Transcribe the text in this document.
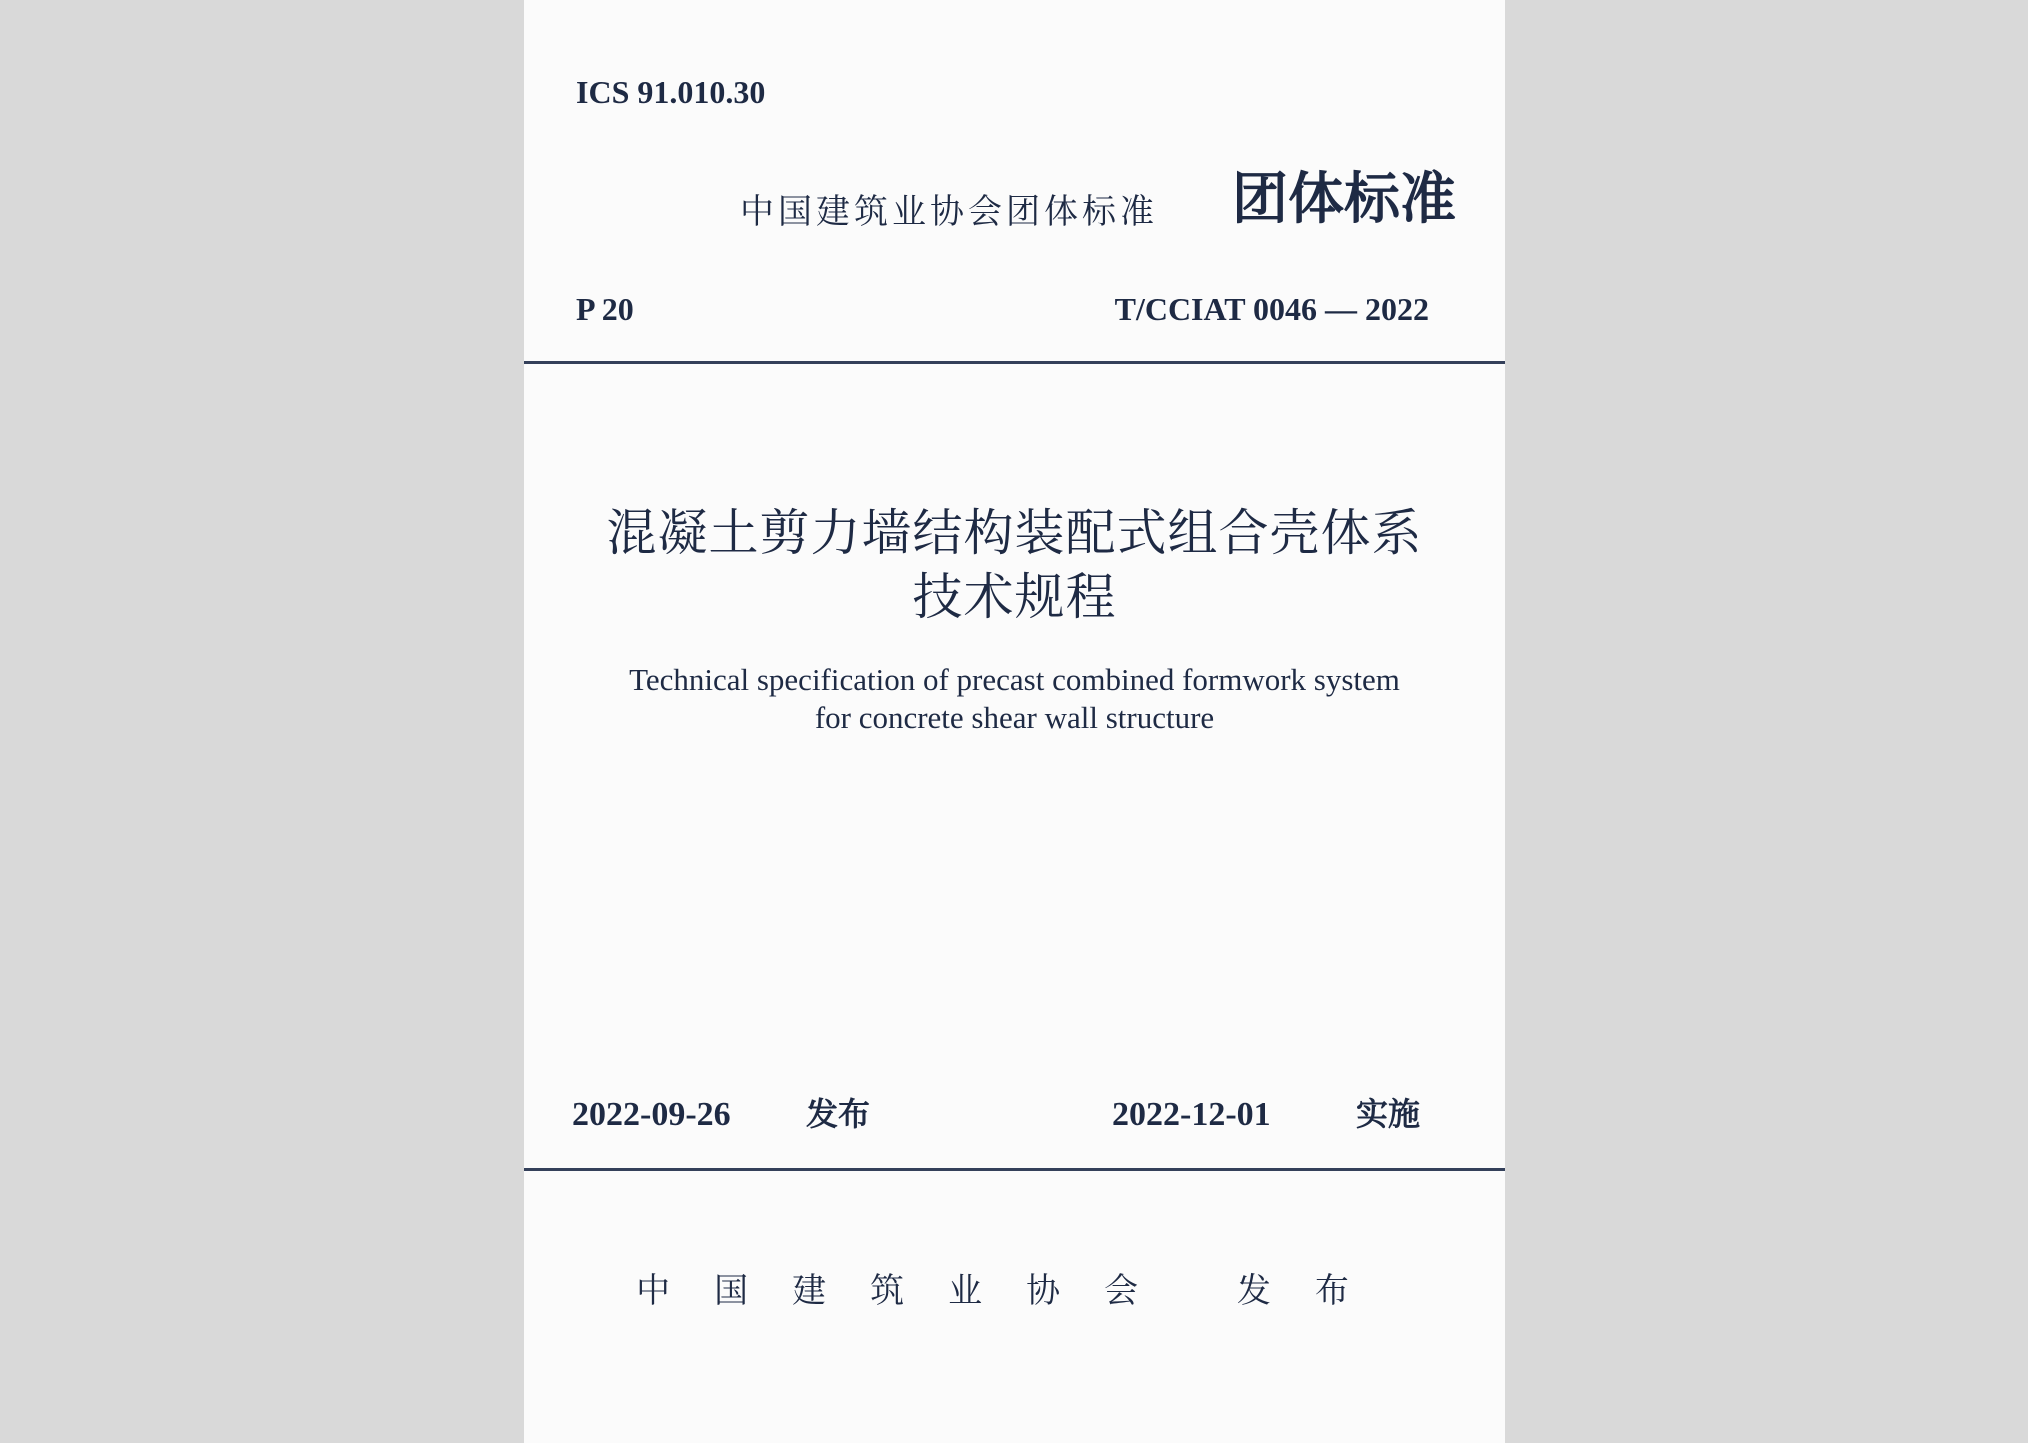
ICS 91.010.30
中国建筑业协会团体标准 团体标准
P 20	T/CCIAT 0046 — 2022
混凝土剪力墙结构装配式组合壳体系
技术规程
Technical specification of precast combined formwork system
for concrete shear wall structure
2022-09-26 发布	2022-12-01	实施
中国建筑业协会 发布
